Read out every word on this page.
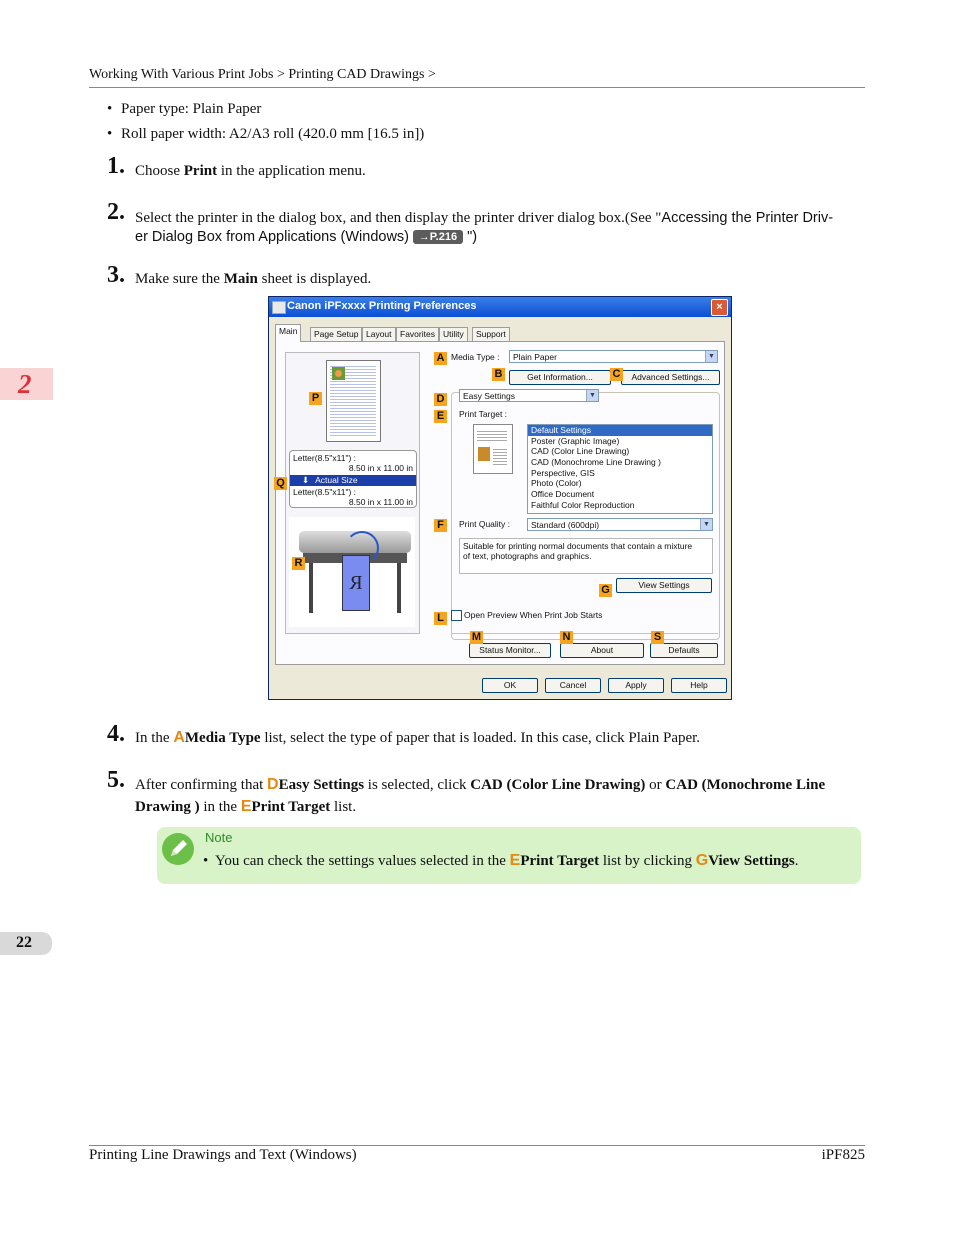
Working With Various Print Jobs > Printing CAD Drawings >
• Paper type: Plain Paper
• Roll paper width: A2/A3 roll (420.0 mm [16.5 in])
1. Choose Print in the application menu.
2. Select the printer in the dialog box, and then display the printer driver dialog box.(See "Accessing the Printer Driv-
er Dialog Box from Applications (Windows) →P.216 ")
3. Make sure the Main sheet is displayed.
Canon iPFxxxx Printing Preferences	×
Main	Page Setup Layout Favorites Utility	Support
Letter(8.5"x11") :
8.50 in x 11.00 in
⬇ Actual Size
Letter(8.5"x11") :
8.50 in x 11.00 in
R
Media Type :	Plain Paper	▼
Get Information...	Advanced Settings...
Easy Settings	▼
Print Target :
Default Settings
Poster (Graphic Image)
CAD (Color Line Drawing)
CAD (Monochrome Line Drawing )
Perspective, GIS
Photo (Color)
Office Document
Faithful Color Reproduction
Print Quality :	Standard (600dpi)	▼
Suitable for printing normal documents that contain a mixture of text, photographs and graphics.
View Settings
Open Preview When Print Job Starts
Status Monitor...	About	Defaults
OK	Cancel	Apply	Help
A
B	C
D
E
F
G
L
M	N	S
P
Q
R
4. In the AMedia Type list, select the type of paper that is loaded. In this case, click Plain Paper.
5. After confirming that DEasy Settings is selected, click CAD (Color Line Drawing) or CAD (Monochrome Line
Drawing ) in the EPrint Target list.
Note
• You can check the settings values selected in the EPrint Target list by clicking GView Settings.
2
22
Printing Line Drawings and Text (Windows)	iPF825
